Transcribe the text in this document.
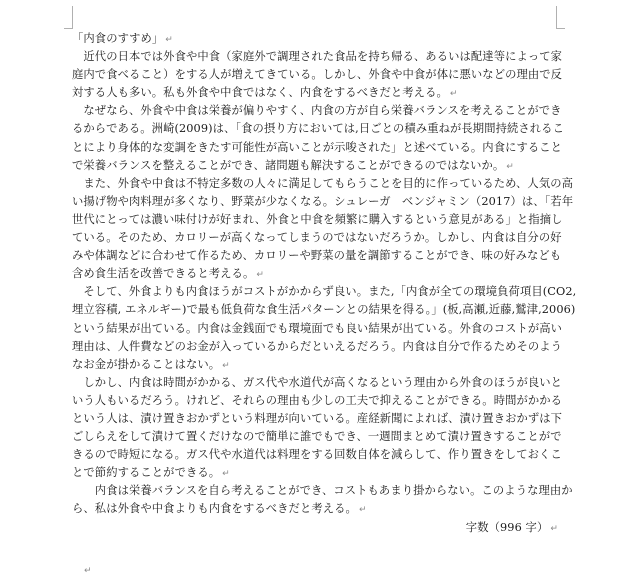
「内食のすすめ」 ↵
　近代の日本では外食や中食（家庭外で調理された食品を持ち帰る、あるいは配達等によって家
庭内で食べること）をする人が増えてきている。しかし、外食や中食が体に悪いなどの理由で反
対する人も多い。私も外食や中食ではなく、内食をするべきだと考える。 ↵
　なぜなら、外食や中食は栄養が偏りやすく、内食の方が自ら栄養バランスを考えることができ
るからである。洲崎(2009)は、「食の摂り方においては,日ごとの積み重ねが長期間持続されるこ
とにより身体的な変調をきたす可能性が高いことが示唆された」と述べている。内食にすること
で栄養バランスを整えることができ、諸問題も解決することができるのではないか。 ↵
　また、外食や中食は不特定多数の人々に満足してもらうことを目的に作っているため、人気の高
い揚げ物や肉料理が多くなり、野菜が少なくなる。シュレーガ　ベンジャミン（2017）は、「若年
世代にとっては濃い味付けが好まれ、外食と中食を頻繁に購入するという意見がある」と指摘し
ている。そのため、カロリーが高くなってしまうのではないだろうか。しかし、内食は自分の好
みや体調などに合わせて作るため、カロリーや野菜の量を調節することができ、味の好みなども
含め食生活を改善できると考える。 ↵
　そして、外食よりも内食ほうがコストがかからず良い。また,「内食が全ての環境負荷項目(CO2,
埋立容積, エネルギー)で最も低負荷な食生活パターンとの結果を得る。」(板,高瀬,近藤,鷲津,2006)
という結果が出ている。内食は金銭面でも環境面でも良い結果が出ている。外食のコストが高い
理由は、人件費などのお金が入っているからだといえるだろう。内食は自分で作るためそのよう
なお金が掛かることはない。 ↵
　しかし、内食は時間がかかる、ガス代や水道代が高くなるという理由から外食のほうが良いと
いう人もいるだろう。けれど、それらの理由も少しの工夫で抑えることができる。時間がかかる
という人は、漬け置きおかずという料理が向いている。産経新聞によれば、漬け置きおかずは下
ごしらえをして漬けて置くだけなので簡単に誰でもでき、一週間まとめて漬け置きすることがで
きるので時短になる。ガス代や水道代は料理をする回数自体を減らして、作り置きをしておくこ
とで節約することができる。 ↵
　　内食は栄養バランスを自ら考えることができ、コストもあまり掛からない。このような理由か
ら、私は外食や中食よりも内食をするべきだと考える。 ↵
字数（996 字） ↵
↵
